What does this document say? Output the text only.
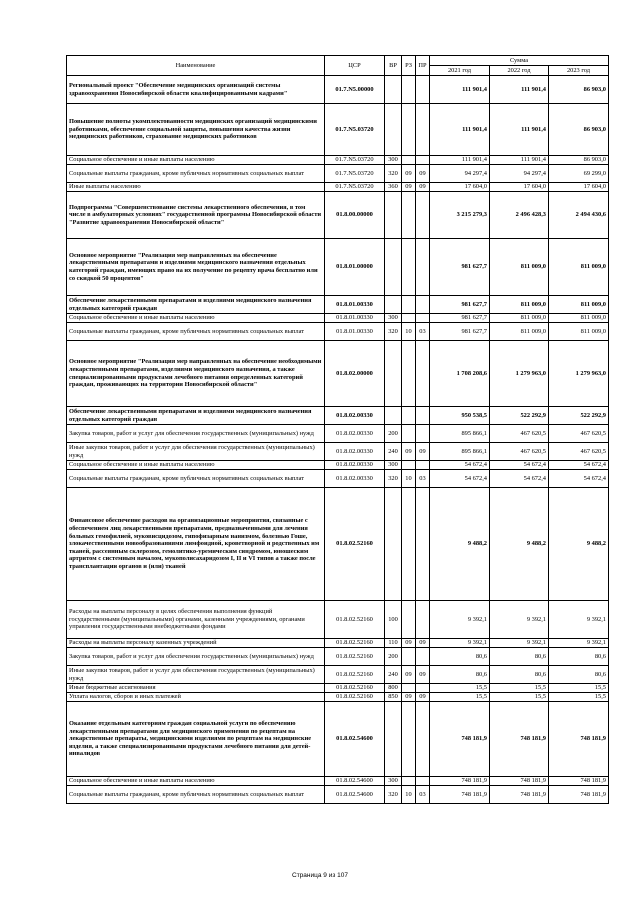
Наименование	ЦСР	ВР	РЗ	ПР	Сумма		
					2021 год	2022 год	2023 год
Региональный проект "Обеспечение медицинских организаций системы здравоохранения Новосибирской области квалифицированными кадрами"	01.7.N5.00000				111 901,4	111 901,4	86 903,0
Повышение полноты укомплектованности медицинских организаций медицинскими работниками, обеспечение социальной защиты, повышения качества жизни медицинских работников, страхование медицинских работников	01.7.N5.03720				111 901,4	111 901,4	86 903,0
Социальное обеспечение и иные выплаты населению	01.7.N5.03720	300			111 901,4	111 901,4	86 903,0
Социальные выплаты гражданам, кроме публичных нормативных социальных выплат	01.7.N5.03720	320	09	09	94 297,4	94 297,4	69 299,0
Иные выплаты населению	01.7.N5.03720	360	09	09	17 604,0	17 604,0	17 604,0
Подпрограмма "Совершенствование системы лекарственного обеспечения, в том числе в амбулаторных условиях" государственной программы Новосибирской области "Развитие здравоохранения Новосибирской области"	01.8.00.00000				3 215 279,3	2 496 428,3	2 494 430,6
Основное мероприятие "Реализация мер направленных на обеспечение лекарственными препаратами и изделиями медицинского назначения отдельных категорий граждан, имеющих право на их получение по рецепту врача бесплатно или со скидкой 50 процентов"	01.8.01.00000				981 627,7	811 009,0	811 009,0
Обеспечение лекарственными препаратами и изделиями медицинского назначения отдельных категорий граждан	01.8.01.00330				981 627,7	811 009,0	811 009,0
Социальное обеспечение и иные выплаты населению	01.8.01.00330	300			981 627,7	811 009,0	811 009,0
Социальные выплаты гражданам, кроме публичных нормативных социальных выплат	01.8.01.00330	320	10	03	981 627,7	811 009,0	811 009,0
Основное мероприятие "Реализация мер направленных на обеспечение необходимыми лекарственными препаратами, изделиями медицинского назначения, а также специализированными продуктами лечебного питания определенных категорий граждан, проживающих на территории Новосибирской области"	01.8.02.00000				1 708 208,6	1 279 963,0	1 279 963,0
Обеспечение лекарственными препаратами и изделиями медицинского назначения отдельных категорий граждан	01.8.02.00330				950 538,5	522 292,9	522 292,9
Закупка товаров, работ и услуг для обеспечения государственных (муниципальных) нужд	01.8.02.00330	200			895 866,1	467 620,5	467 620,5
Иные закупки товаров, работ и услуг для обеспечения государственных (муниципальных) нужд	01.8.02.00330	240	09	09	895 866,1	467 620,5	467 620,5
Социальное обеспечение и иные выплаты населению	01.8.02.00330	300			54 672,4	54 672,4	54 672,4
Социальные выплаты гражданам, кроме публичных нормативных социальных выплат	01.8.02.00330	320	10	03	54 672,4	54 672,4	54 672,4
Финансовое обеспечение расходов на организационные мероприятия, связанные с обеспечением лиц лекарственными препаратами, предназначенными для лечения больных гемофилией, муковисцидозом, гипофизарным нанизмом, болезнью Гоше, злокачественными новообразованиями лимфоидной, кроветворной и родственных им тканей, рассеянным склерозом, гемолитико-уремическим синдромом, юношеским артритом с системным началом, мукополисахаридозом I, II и VI типов а также после трансплантации органов и (или) тканей	01.8.02.52160				9 488,2	9 488,2	9 488,2
Расходы на выплаты персоналу в целях обеспечения выполнения функций государственными (муниципальными) органами, казенными учреждениями, органами управления государственными внебюджетными фондами	01.8.02.52160	100			9 392,1	9 392,1	9 392,1
Расходы на выплаты персоналу казенных учреждений	01.8.02.52160	110	09	09	9 392,1	9 392,1	9 392,1
Закупка товаров, работ и услуг для обеспечения государственных (муниципальных) нужд	01.8.02.52160	200			80,6	80,6	80,6
Иные закупки товаров, работ и услуг для обеспечения государственных (муниципальных) нужд	01.8.02.52160	240	09	09	80,6	80,6	80,6
Иные бюджетные ассигнования	01.8.02.52160	800			15,5	15,5	15,5
Уплата налогов, сборов и иных платежей	01.8.02.52160	850	09	09	15,5	15,5	15,5
Оказание отдельным категориям граждан социальной услуги по обеспечению лекарственными препаратами для медицинского применения по рецептам на лекарственные препараты, медицинскими изделиями по рецептам на медицинские изделия, а также специализированными продуктами лечебного питания для детей-инвалидов	01.8.02.54600				748 181,9	748 181,9	748 181,9
Социальное обеспечение и иные выплаты населению	01.8.02.54600	300			748 181,9	748 181,9	748 181,9
Социальные выплаты гражданам, кроме публичных нормативных социальных выплат	01.8.02.54600	320	10	03	748 181,9	748 181,9	748 181,9
Страница 9 из 107
